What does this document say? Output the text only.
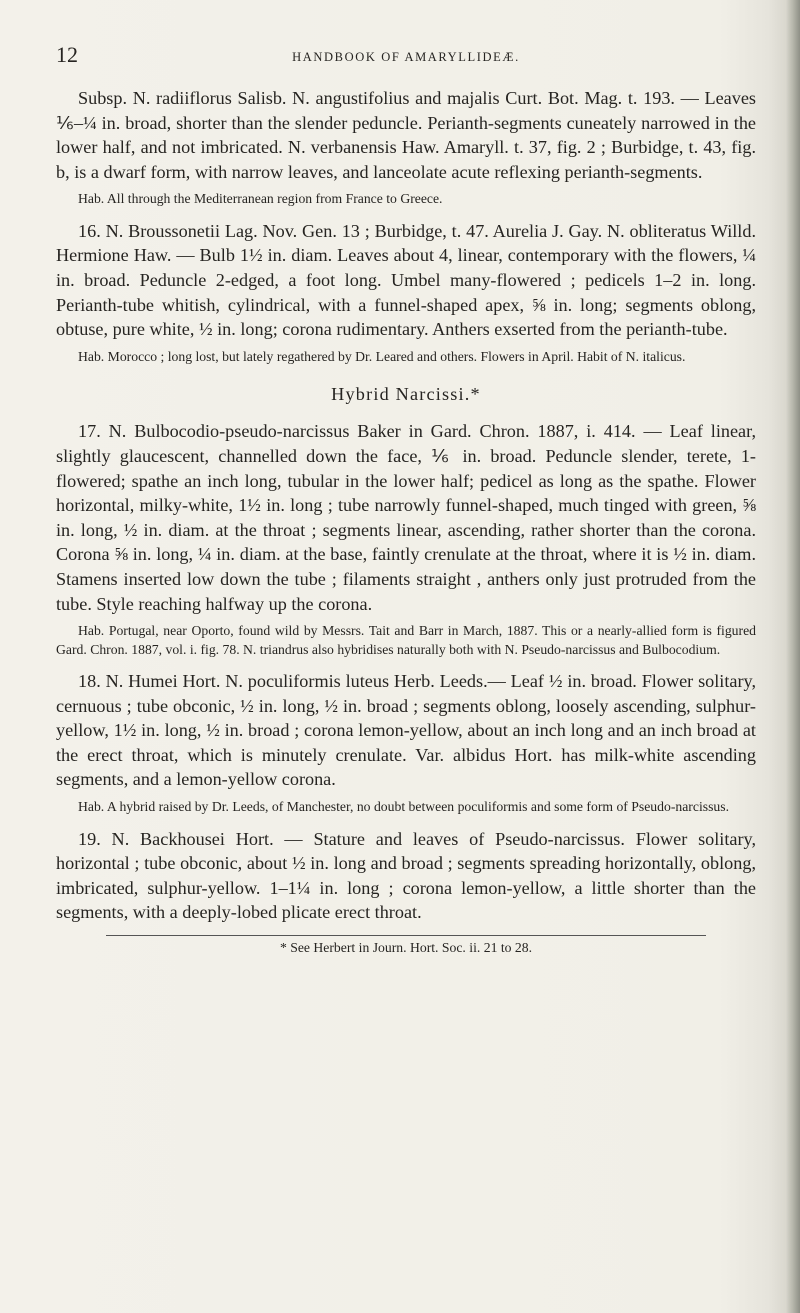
12	HANDBOOK OF AMARYLLIDEÆ.

Subsp. N. radiiflorus Salisb. N. angustifolius and majalis Curt. Bot. Mag. t. 193. — Leaves ⅙–¼ in. broad, shorter than the slender peduncle. Perianth-segments cuneately narrowed in the lower half, and not imbricated. N. verbanensis Haw. Amaryll. t. 37, fig. 2 ; Burbidge, t. 43, fig. b, is a dwarf form, with narrow leaves, and lanceolate acute reflexing perianth-segments.

Hab. All through the Mediterranean region from France to Greece.

16. N. Broussonetii Lag. Nov. Gen. 13 ; Burbidge, t. 47. Aurelia J. Gay. N. obliteratus Willd. Hermione Haw. — Bulb 1½ in. diam. Leaves about 4, linear, contemporary with the flowers, ¼ in. broad. Peduncle 2-edged, a foot long. Umbel many-flowered ; pedicels 1–2 in. long. Perianth-tube whitish, cylindrical, with a funnel-shaped apex, ⅝ in. long; segments oblong, obtuse, pure white, ½ in. long; corona rudimentary. Anthers exserted from the perianth-tube.

Hab. Morocco ; long lost, but lately regathered by Dr. Leared and others. Flowers in April. Habit of N. italicus.

Hybrid Narcissi.*

17. N. Bulbocodio-pseudo-narcissus Baker in Gard. Chron. 1887, i. 414. — Leaf linear, slightly glaucescent, channelled down the face, ⅙ in. broad. Peduncle slender, terete, 1-flowered; spathe an inch long, tubular in the lower half; pedicel as long as the spathe. Flower horizontal, milky-white, 1½ in. long ; tube narrowly funnel-shaped, much tinged with green, ⅝ in. long, ½ in. diam. at the throat ; segments linear, ascending, rather shorter than the corona. Corona ⅝ in. long, ¼ in. diam. at the base, faintly crenulate at the throat, where it is ½ in. diam. Stamens inserted low down the tube ; filaments straight , anthers only just protruded from the tube. Style reaching halfway up the corona.

Hab. Portugal, near Oporto, found wild by Messrs. Tait and Barr in March, 1887. This or a nearly-allied form is figured Gard. Chron. 1887, vol. i. fig. 78. N. triandrus also hybridises naturally both with N. Pseudo-narcissus and Bulbocodium.

18. N. Humei Hort. N. poculiformis luteus Herb. Leeds.— Leaf ½ in. broad. Flower solitary, cernuous ; tube obconic, ½ in. long, ½ in. broad ; segments oblong, loosely ascending, sulphur-yellow, 1½ in. long, ½ in. broad ; corona lemon-yellow, about an inch long and an inch broad at the erect throat, which is minutely crenulate. Var. albidus Hort. has milk-white ascending segments, and a lemon-yellow corona.

Hab. A hybrid raised by Dr. Leeds, of Manchester, no doubt between poculiformis and some form of Pseudo-narcissus.

19. N. Backhousei Hort. — Stature and leaves of Pseudo-narcissus. Flower solitary, horizontal ; tube obconic, about ½ in. long and broad ; segments spreading horizontally, oblong, imbricated, sulphur-yellow. 1–1¼ in. long ; corona lemon-yellow, a little shorter than the segments, with a deeply-lobed plicate erect throat.

* See Herbert in Journ. Hort. Soc. ii. 21 to 28.
